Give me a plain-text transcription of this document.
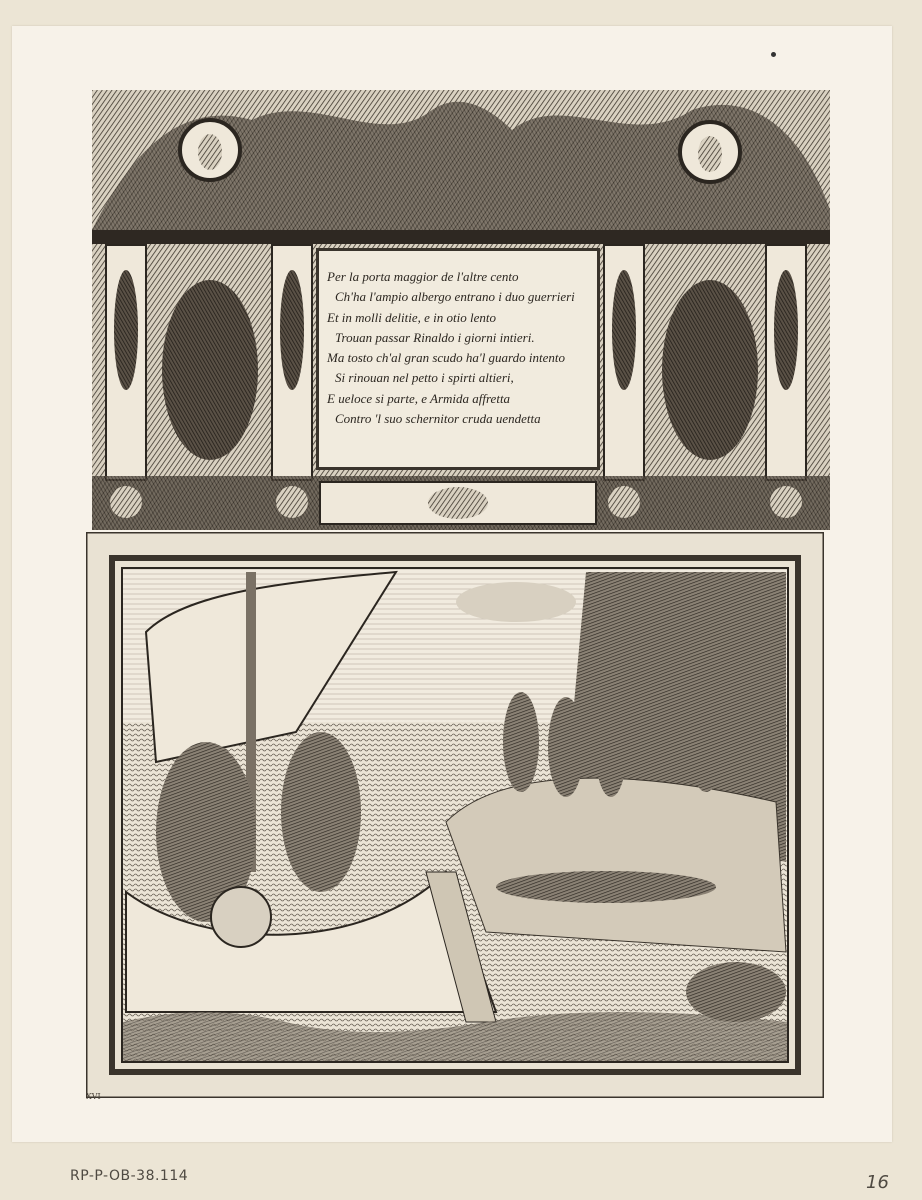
Per la porta maggior de l'altre cento
Ch'ha l'ampio albergo entrano i duo guerrieri
Et in molli delitie, e in otio lento
Trouan passar Rinaldo i giorni intieri.
Ma tosto ch'al gran scudo ha'l guardo intento
Si rinouan nel petto i spirti altieri,
E ueloce si parte, e Armida affretta
Contro 'l suo schernitor cruda uendetta
XVI
RP-P-OB-38.114	16
